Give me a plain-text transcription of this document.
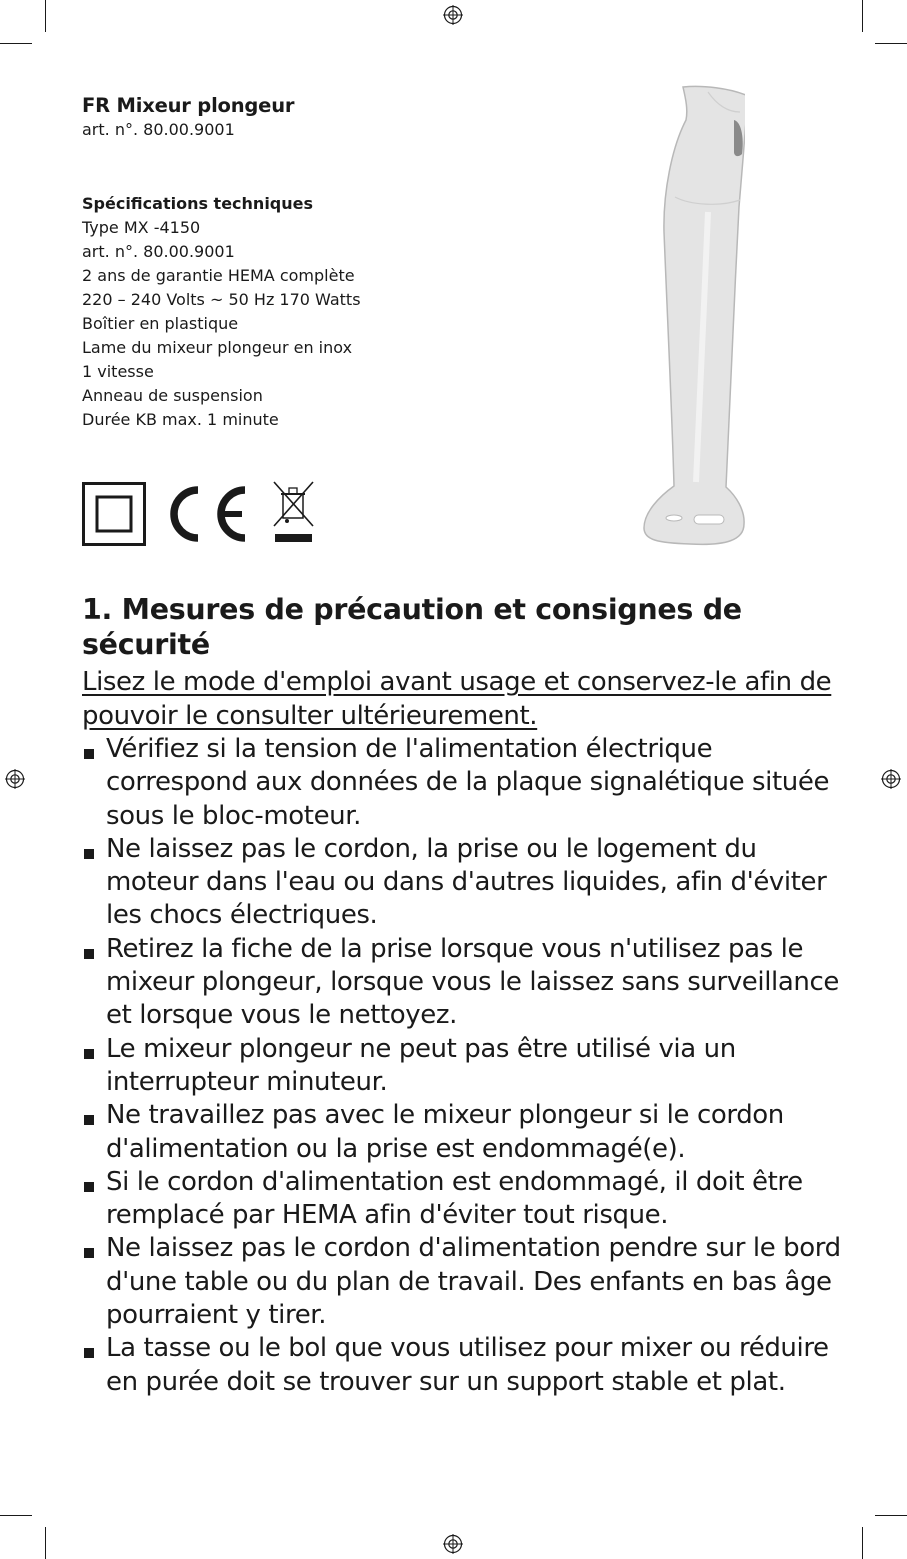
FR Mixeur plongeur
art. n°. 80.00.9001
Spécifications techniques
Type MX -4150
art. n°. 80.00.9001
2 ans de garantie HEMA complète
220 – 240 Volts ~ 50 Hz 170 Watts
Boîtier en plastique
Lame du mixeur plongeur en inox
1 vitesse
Anneau de suspension
Durée KB max. 1 minute
1. Mesures de précaution et consignes de sécurité

Lisez le mode d'emploi avant usage et conservez-le afin de pouvoir le consulter ultérieurement.

Vérifiez si la tension de l'alimentation électrique correspond aux données de la plaque signalétique située sous le bloc-moteur.
Ne laissez pas le cordon, la prise ou le logement du moteur dans l'eau ou dans d'autres liquides, afin d'éviter les chocs électriques.
Retirez la fiche de la prise lorsque vous n'utilisez pas le mixeur plongeur, lorsque vous le laissez sans surveillance et lorsque vous le nettoyez.
Le mixeur plongeur ne peut pas être utilisé via un interrupteur minuteur.
Ne travaillez pas avec le mixeur plongeur si le cordon d'alimentation ou la prise est endommagé(e).
Si le cordon d'alimentation est endommagé, il doit être remplacé par HEMA afin d'éviter tout risque.
Ne laissez pas le cordon d'alimentation pendre sur le bord d'une table ou du plan de travail. Des enfants en bas âge pourraient y tirer.
La tasse ou le bol que vous utilisez pour mixer ou réduire en purée doit se trouver sur un support stable et plat.
